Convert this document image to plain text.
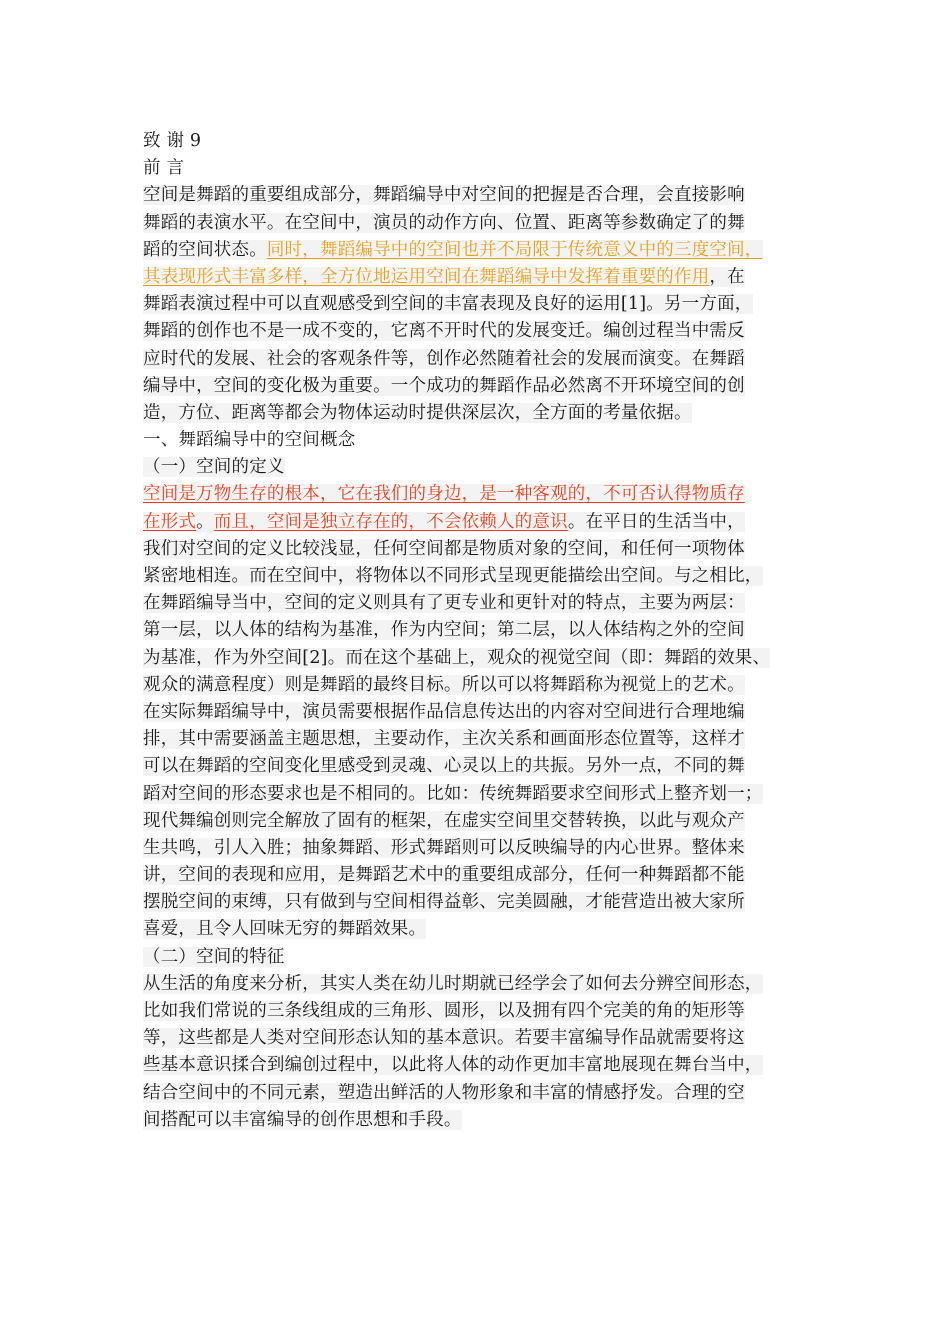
致 谢 9
前 言
空间是舞蹈的重要组成部分，舞蹈编导中对空间的把握是否合理，会直接影响
舞蹈的表演水平。在空间中，演员的动作方向、位置、距离等参数确定了的舞
蹈的空间状态。同时，舞蹈编导中的空间也并不局限于传统意义中的三度空间，
其表现形式丰富多样，全方位地运用空间在舞蹈编导中发挥着重要的作用，在
舞蹈表演过程中可以直观感受到空间的丰富表现及良好的运用[1]。另一方面，
舞蹈的创作也不是一成不变的，它离不开时代的发展变迁。编创过程当中需反
应时代的发展、社会的客观条件等，创作必然随着社会的发展而演变。在舞蹈
编导中，空间的变化极为重要。一个成功的舞蹈作品必然离不开环境空间的创
造，方位、距离等都会为物体运动时提供深层次，全方面的考量依据。
一、舞蹈编导中的空间概念
（一）空间的定义
空间是万物生存的根本，它在我们的身边，是一种客观的，不可否认得物质存
在形式。而且，空间是独立存在的，不会依赖人的意识。在平日的生活当中，
我们对空间的定义比较浅显，任何空间都是物质对象的空间，和任何一项物体
紧密地相连。而在空间中，将物体以不同形式呈现更能描绘出空间。与之相比，
在舞蹈编导当中，空间的定义则具有了更专业和更针对的特点，主要为两层：
第一层，以人体的结构为基准，作为内空间；第二层，以人体结构之外的空间
为基准，作为外空间[2]。而在这个基础上，观众的视觉空间（即：舞蹈的效果、
观众的满意程度）则是舞蹈的最终目标。所以可以将舞蹈称为视觉上的艺术。
在实际舞蹈编导中，演员需要根据作品信息传达出的内容对空间进行合理地编
排，其中需要涵盖主题思想，主要动作，主次关系和画面形态位置等，这样才
可以在舞蹈的空间变化里感受到灵魂、心灵以上的共振。另外一点，不同的舞
蹈对空间的形态要求也是不相同的。比如：传统舞蹈要求空间形式上整齐划一；
现代舞编创则完全解放了固有的框架，在虚实空间里交替转换，以此与观众产
生共鸣，引人入胜；抽象舞蹈、形式舞蹈则可以反映编导的内心世界。整体来
讲，空间的表现和应用，是舞蹈艺术中的重要组成部分，任何一种舞蹈都不能
摆脱空间的束缚，只有做到与空间相得益彰、完美圆融，才能营造出被大家所
喜爱，且令人回味无穷的舞蹈效果。
（二）空间的特征
从生活的角度来分析，其实人类在幼儿时期就已经学会了如何去分辨空间形态，
比如我们常说的三条线组成的三角形、圆形，以及拥有四个完美的角的矩形等
等，这些都是人类对空间形态认知的基本意识。若要丰富编导作品就需要将这
些基本意识揉合到编创过程中，以此将人体的动作更加丰富地展现在舞台当中，
结合空间中的不同元素，塑造出鲜活的人物形象和丰富的情感抒发。合理的空
间搭配可以丰富编导的创作思想和手段。
